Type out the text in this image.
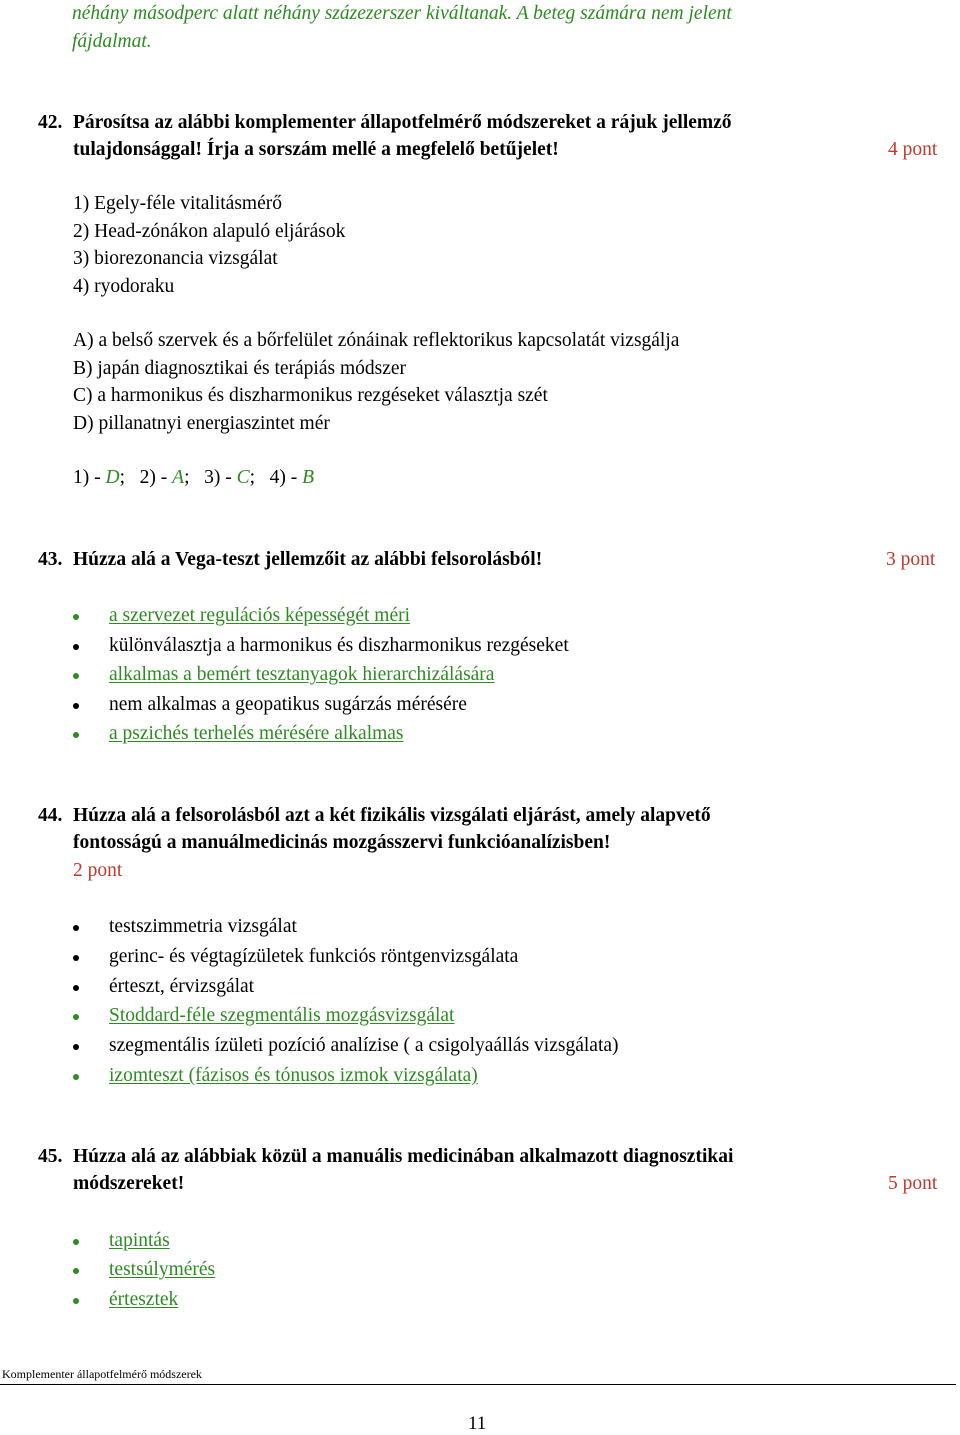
néhány másodperc alatt néhány százezerszer kiváltanak. A beteg számára nem jelent
fájdalmat.
42. Párosítsa az alábbi komplementer állapotfelmérő módszereket a rájuk jellemző
tulajdonsággal! Írja a sorszám mellé a megfelelő betűjelet!	4 pont
1) Egely-féle vitalitásmérő
2) Head-zónákon alapuló eljárások
3) biorezonancia vizsgálat
4) ryodoraku
A) a belső szervek és a bőrfelület zónáinak reflektorikus kapcsolatát vizsgálja
B) japán diagnosztikai és terápiás módszer
C) a harmonikus és diszharmonikus rezgéseket választja szét
D) pillanatnyi energiaszintet mér
1) - D; 2) - A; 3) - C; 4) - B
43. Húzza alá a Vega-teszt jellemzőit az alábbi felsorolásból!	3 pont
a szervezet regulációs képességét méri
különválasztja a harmonikus és diszharmonikus rezgéseket
alkalmas a bemért tesztanyagok hierarchizálására
nem alkalmas a geopatikus sugárzás mérésére
a pszichés terhelés mérésére alkalmas
44. Húzza alá a felsorolásból azt a két fizikális vizsgálati eljárást, amely alapvető
fontosságú a manuálmedicinás mozgásszervi funkcióanalízisben!
2 pont
testszimmetria vizsgálat
gerinc- és végtagízületek funkciós röntgenvizsgálata
érteszt, érvizsgálat
Stoddard-féle szegmentális mozgásvizsgálat
szegmentális ízületi pozíció analízise ( a csigolyaállás vizsgálata)
izomteszt (fázisos és tónusos izmok vizsgálata)
45. Húzza alá az alábbiak közül a manuális medicinában alkalmazott diagnosztikai
módszereket!	5 pont
tapintás
testsúlymérés
értesztek
Komplementer állapotfelmérő módszerek
11
